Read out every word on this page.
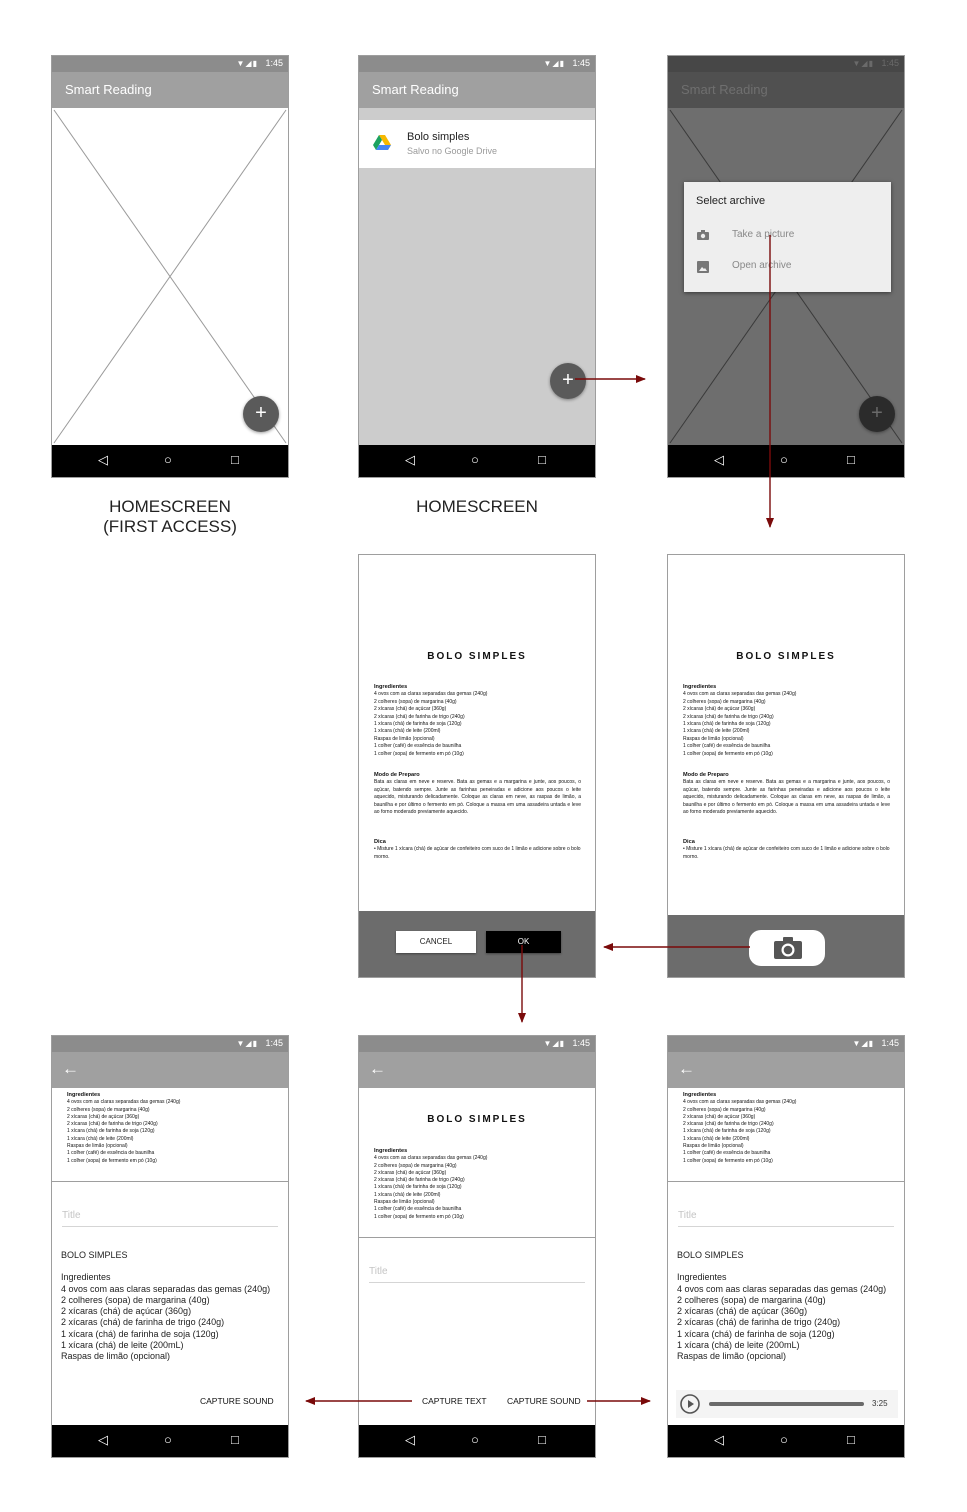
▼◢▮ 1:45
Smart Reading
+
◁	○	□
▼◢▮ 1:45
Smart Reading
Bolo simples
Salvo no Google Drive
+
◁	○	□
▼◢▮ 1:45
Smart Reading
+
Select archive
Take a picture
Open archive
◁	○	□
HOMESCREEN
(FIRST ACCESS)
HOMESCREEN
BOLO SIMPLES
Ingredientes
4 ovos com as claras separadas das gemas (240g)
2 colheres (sopa) de margarina (40g)
2 xícaras (chá) de açúcar (360g)
2 xícaras (chá) de farinha de trigo (240g)
1 xícara (chá) de farinha de soja (120g)
1 xícara (chá) de leite (200ml)
Raspas de limão (opcional)
1 colher (café) de essência de baunilha
1 colher (sopa) de fermento em pó (10g)
Modo de Preparo
Bata as claras em neve e reserve. Bata as gemas e a margarina e junte, aos poucos, o açúcar, batendo sempre. Junte as farinhas peneiradas e adicione aos poucos o leite aquecido, misturando delicadamente. Coloque as claras em neve, as raspas de limão, a baunilha e por último o fermento em pó. Coloque a massa em uma assadeira untada e leve ao forno moderado previamente aquecido.
Dica
• Misture 1 xícara (chá) de açúcar de confeiteiro com suco de 1 limão e adicione sobre o bolo morno.
CANCEL	OK
BOLO SIMPLES
Ingredientes
4 ovos com as claras separadas das gemas (240g)
2 colheres (sopa) de margarina (40g)
2 xícaras (chá) de açúcar (360g)
2 xícaras (chá) de farinha de trigo (240g)
1 xícara (chá) de farinha de soja (120g)
1 xícara (chá) de leite (200ml)
Raspas de limão (opcional)
1 colher (café) de essência de baunilha
1 colher (sopa) de fermento em pó (10g)
Modo de Preparo
Bata as claras em neve e reserve. Bata as gemas e a margarina e junte, aos poucos, o açúcar, batendo sempre. Junte as farinhas peneiradas e adicione aos poucos o leite aquecido, misturando delicadamente. Coloque as claras em neve, as raspas de limão, a baunilha e por último o fermento em pó. Coloque a massa em uma assadeira untada e leve ao forno moderado previamente aquecido.
Dica
• Misture 1 xícara (chá) de açúcar de confeiteiro com suco de 1 limão e adicione sobre o bolo morno.
▼◢▮ 1:45
←
Ingredientes
4 ovos com as claras separadas das gemas (240g)
2 colheres (sopa) de margarina (40g)
2 xícaras (chá) de açúcar (360g)
2 xícaras (chá) de farinha de trigo (240g)
1 xícara (chá) de farinha de soja (120g)
1 xícara (chá) de leite (200ml)
Raspas de limão (opcional)
1 colher (café) de essência de baunilha
1 colher (sopa) de fermento em pó (10g)
Title
BOLO SIMPLES
Ingredientes
4 ovos com aas claras separadas das gemas (240g)
2 colheres (sopa) de margarina (40g)
2 xícaras (chá) de açúcar (360g)
2 xícaras (chá) de farinha de trigo (240g)
1 xícara (chá) de farinha de soja (120g)
1 xícara (chá) de leite (200mL)
Raspas de limão (opcional)
CAPTURE SOUND
◁	○	□
▼◢▮ 1:45
←
BOLO SIMPLES
Ingredientes
4 ovos com as claras separadas das gemas (240g)
2 colheres (sopa) de margarina (40g)
2 xícaras (chá) de açúcar (360g)
2 xícaras (chá) de farinha de trigo (240g)
1 xícara (chá) de farinha de soja (120g)
1 xícara (chá) de leite (200ml)
Raspas de limão (opcional)
1 colher (café) de essência de baunilha
1 colher (sopa) de fermento em pó (10g)
Title
CAPTURE TEXT CAPTURE SOUND
◁	○	□
▼◢▮ 1:45
←
Ingredientes
4 ovos com as claras separadas das gemas (240g)
2 colheres (sopa) de margarina (40g)
2 xícaras (chá) de açúcar (360g)
2 xícaras (chá) de farinha de trigo (240g)
1 xícara (chá) de farinha de soja (120g)
1 xícara (chá) de leite (200ml)
Raspas de limão (opcional)
1 colher (café) de essência de baunilha
1 colher (sopa) de fermento em pó (10g)
Title
BOLO SIMPLES
Ingredientes
4 ovos com aas claras separadas das gemas (240g)
2 colheres (sopa) de margarina (40g)
2 xícaras (chá) de açúcar (360g)
2 xícaras (chá) de farinha de trigo (240g)
1 xícara (chá) de farinha de soja (120g)
1 xícara (chá) de leite (200mL)
Raspas de limão (opcional)
3:25
◁	○	□
